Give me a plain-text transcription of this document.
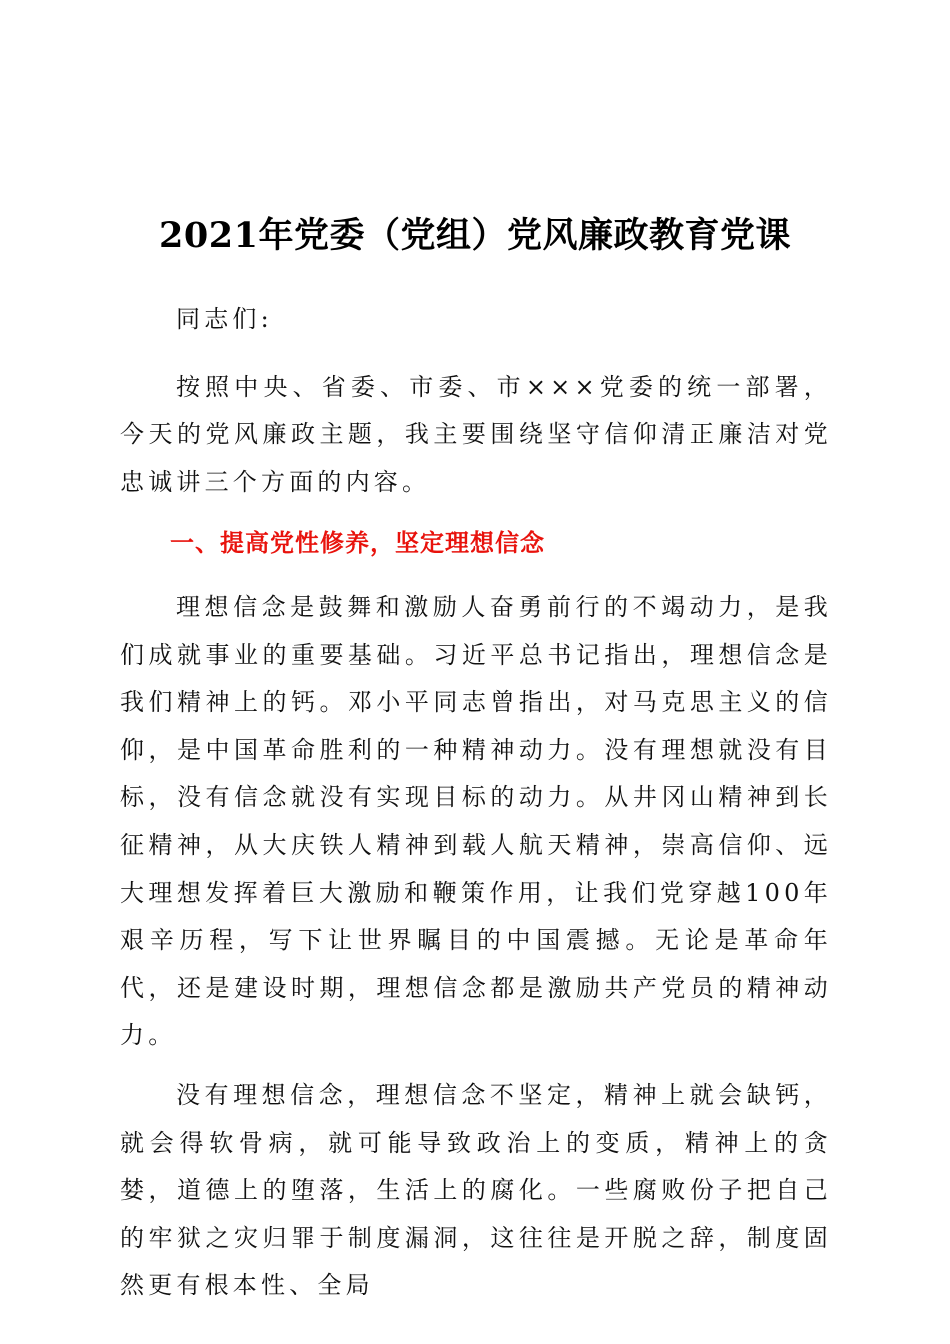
2021年党委（党组）党风廉政教育党课

同志们:

按照中央、省委、市委、市×××党委的统一部署，今天的党风廉政主题，我主要围绕坚守信仰清正廉洁对党忠诚讲三个方面的内容。

一、提高党性修养，坚定理想信念

理想信念是鼓舞和激励人奋勇前行的不竭动力，是我们成就事业的重要基础。习近平总书记指出，理想信念是我们精神上的钙。邓小平同志曾指出，对马克思主义的信仰，是中国革命胜利的一种精神动力。没有理想就没有目标，没有信念就没有实现目标的动力。从井冈山精神到长征精神，从大庆铁人精神到载人航天精神，崇高信仰、远大理想发挥着巨大激励和鞭策作用，让我们党穿越100年艰辛历程，写下让世界瞩目的中国震撼。无论是革命年代，还是建设时期，理想信念都是激励共产党员的精神动力。

没有理想信念，理想信念不坚定，精神上就会缺钙，就会得软骨病，就可能导致政治上的变质，精神上的贪婪，道德上的堕落，生活上的腐化。一些腐败份子把自己的牢狱之灾归罪于制度漏洞，这往往是开脱之辞，制度固然更有根本性、全局
